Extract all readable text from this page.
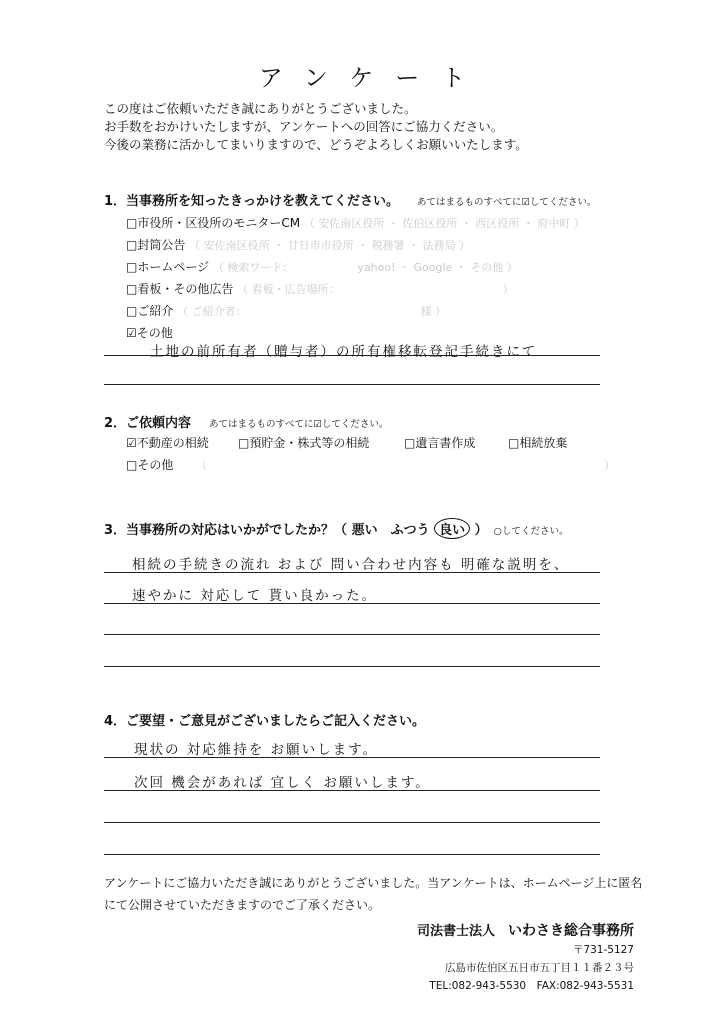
アンケート
この度はご依頼いただき誠にありがとうございました。
お手数をおかけいたしますが、アンケートへの回答にご協力ください。
今後の業務に活かしてまいりますので、どうぞよろしくお願いいたします。
1．当事務所を知ったきっかけを教えてください。 あてはまるものすべてに☑してください。
□市役所・区役所のモニターCM （ 安佐南区役所 ・ 佐伯区役所 ・ 西区役所 ・ 府中町 ）
□封筒公告 （ 安佐南区役所 ・ 廿日市市役所 ・ 税務署 ・ 法務局 ）
□ホームページ （ 検索ワード：　　　　　　 yahoo! ・ Google ・ その他 ）
□看板・その他広告 （ 看板・広告場所：　　　　　　　　　　　　　　　 ）
□ご紹介 （ ご紹介者：　　　　　　　　　　　　　　　　 様 ）
☑その他
土地の前所有者（贈与者）の所有権移転登記手続きにて
2．ご依頼内容 あてはまるものすべてに☑してください。
☑不動産の相続 □預貯金・株式等の相続	□遺言書作成	□相続放棄
□その他 （	）
3．当事務所の対応はいかがでしたか？（ 悪い　ふつう 良い ） ○してください。
相続の手続きの流れ および 問い合わせ内容も 明確な説明を、
速やかに 対応して 貰い良かった。
4．ご要望・ご意見がございましたらご記入ください。
現状の 対応維持を お願いします。
次回 機会があれば 宜しく お願いします。
アンケートにご協力いただき誠にありがとうございました。当アンケートは、ホームページ上に匿名にて公開させていただきますのでご了承ください。
司法書士法人　 いわさき総合事務所
〒731-5127
広島市佐伯区五日市五丁目１１番２３号
TEL:082-943-5530　 FAX:082-943-5531
